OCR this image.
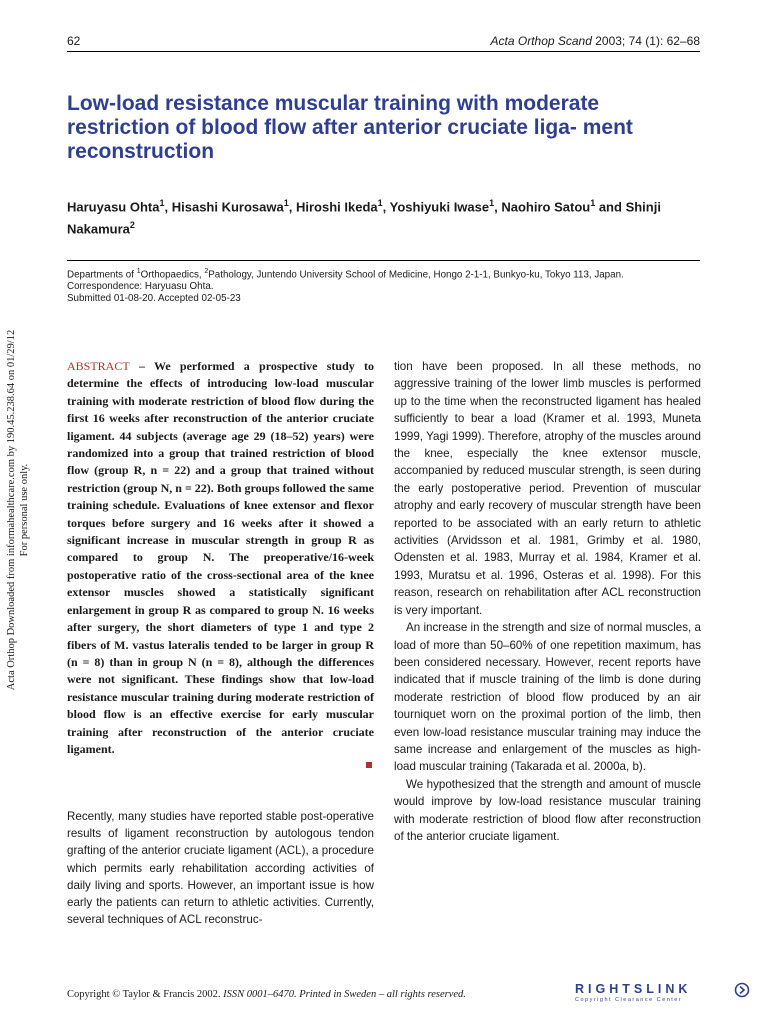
62	Acta Orthop Scand 2003; 74 (1): 62–68
Low-load resistance muscular training with moderate restriction of blood flow after anterior cruciate liga- ment reconstruction
Haruyasu Ohta$^1$, Hisashi Kurosawa$^1$, Hiroshi Ikeda$^1$, Yoshiyuki Iwase$^1$, Naohiro Satou$^1$ and Shinji Nakamura$^2$

Departments of $^1$Orthopaedics, $^2$Pathology, Juntendo University School of Medicine, Hongo 2-1-1, Bunkyo-ku, Tokyo 113, Japan. Correspondence: Haryuasu Ohta.

Submitted 01-08-20. Accepted 02-05-23

Acta Orthop Downloaded from informahealthcare.com by 190.45.238.64 on 01/29/12 For personal use only.

ABSTRACT – We performed a prospective study to determine the effects of introducing low-load muscular training with moderate restriction of blood flow during the first 16 weeks after reconstruction of the anterior cruciate ligament. 44 subjects (average age 29 (18–52) years) were randomized into a group that trained restriction of blood flow (group R, n = 22) and a group that trained without restriction (group N, n = 22). Both groups followed the same training schedule. Evaluations of knee extensor and flexor torques before surgery and 16 weeks after it showed a significant increase in muscular strength in group R as compared to group N. The preoperative/16-week postoperative ratio of the cross-sectional area of the knee extensor muscles showed a statistically significant enlargement in group R as compared to group N. 16 weeks after surgery, the short diameters of type 1 and type 2 fibers of M. vastus lateralis tended to be larger in group R (n = 8) than in group N (n = 8), although the differences were not significant. These findings show that low-load resistance muscular training during moderate restriction of blood flow is an effective exercise for early muscular training after reconstruction of the anterior cruciate ligament.

Recently, many studies have reported stable post-operative results of ligament reconstruction by autologous tendon grafting of the anterior cruciate ligament (ACL), a procedure which permits early rehabilitation according activities of daily living and sports. However, an important issue is how early the patients can return to athletic activities. Currently, several techniques of ACL reconstruc-

tion have been proposed. In all these methods, no aggressive training of the lower limb muscles is performed up to the time when the reconstructed ligament has healed sufficiently to bear a load (Kramer et al. 1993, Muneta 1999, Yagi 1999). Therefore, atrophy of the muscles around the knee, especially the knee extensor muscle, accompanied by reduced muscular strength, is seen during the early postoperative period. Prevention of muscular atrophy and early recovery of muscular strength have been reported to be associated with an early return to athletic activities (Arvidsson et al. 1981, Grimby et al. 1980, Odensten et al. 1983, Murray et al. 1984, Kramer et al. 1993, Muratsu et al. 1996, Osteras et al. 1998). For this reason, research on rehabilitation after ACL reconstruction is very important.

An increase in the strength and size of normal muscles, a load of more than 50–60% of one repetition maximum, has been considered necessary. However, recent reports have indicated that if muscle training of the limb is done during moderate restriction of blood flow produced by an air tourniquet worn on the proximal portion of the limb, then even low-load resistance muscular training may induce the same increase and enlargement of the muscles as high-load muscular training (Takarada et al. 2000a, b).

We hypothesized that the strength and amount of muscle would improve by low-load resistance muscular training with moderate restriction of blood flow after reconstruction of the anterior cruciate ligament.

Copyright © Taylor & Francis 2002. ISSN 0001–6470. Printed in Sweden – all rights reserved.	RIGHTSLINK
Copyright Clearance Center
